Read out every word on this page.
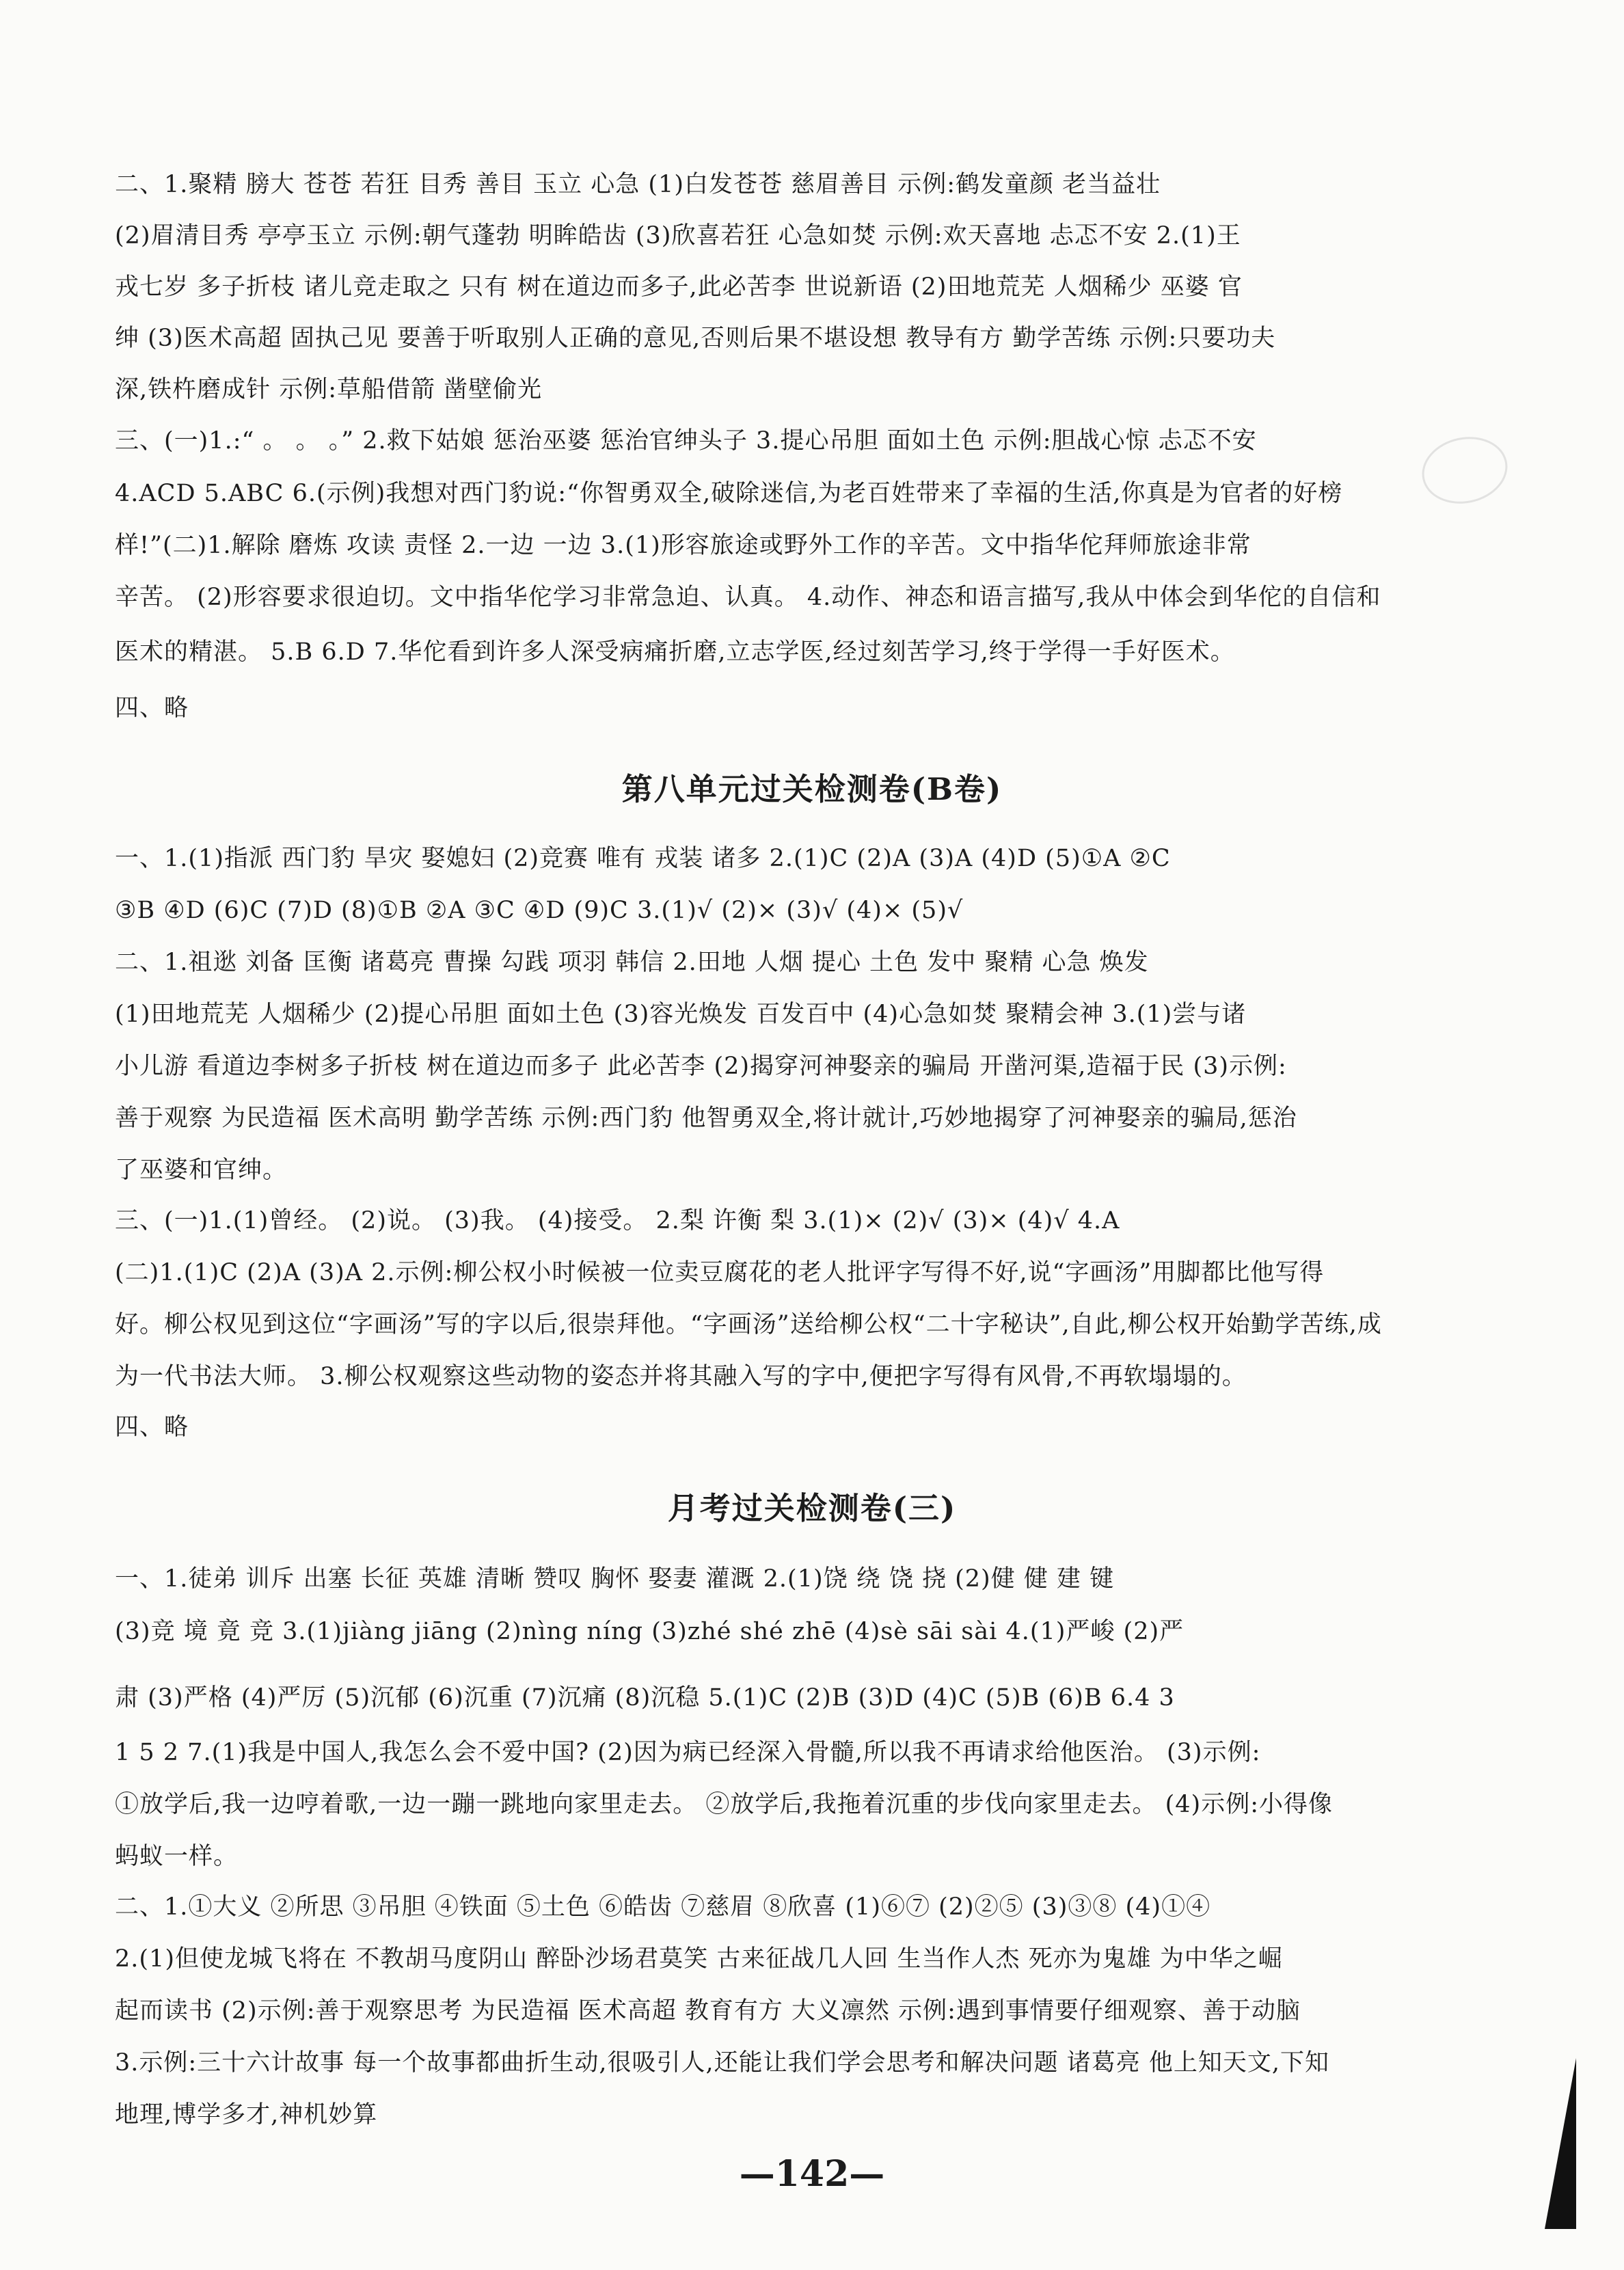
二、1.聚精 膀大 苍苍 若狂 目秀 善目 玉立 心急 (1)白发苍苍 慈眉善目 示例:鹤发童颜 老当益壮
(2)眉清目秀 亭亭玉立 示例:朝气蓬勃 明眸皓齿 (3)欣喜若狂 心急如焚 示例:欢天喜地 忐忑不安 2.(1)王
戎七岁 多子折枝 诸儿竞走取之 只有 树在道边而多子,此必苦李 世说新语 (2)田地荒芜 人烟稀少 巫婆 官
绅 (3)医术高超 固执己见 要善于听取别人正确的意见,否则后果不堪设想 教导有方 勤学苦练 示例:只要功夫
深,铁杵磨成针 示例:草船借箭 凿壁偷光
三、(一)1.:“ 。 。 。” 2.救下姑娘 惩治巫婆 惩治官绅头子 3.提心吊胆 面如土色 示例:胆战心惊 忐忑不安
4.ACD 5.ABC 6.(示例)我想对西门豹说:“你智勇双全,破除迷信,为老百姓带来了幸福的生活,你真是为官者的好榜
样!”(二)1.解除 磨炼 攻读 责怪 2.一边 一边 3.(1)形容旅途或野外工作的辛苦。文中指华佗拜师旅途非常
辛苦。 (2)形容要求很迫切。文中指华佗学习非常急迫、认真。 4.动作、神态和语言描写,我从中体会到华佗的自信和
医术的精湛。 5.B 6.D 7.华佗看到许多人深受病痛折磨,立志学医,经过刻苦学习,终于学得一手好医术。
四、略
第八单元过关检测卷(B卷)
一、1.(1)指派 西门豹 旱灾 娶媳妇 (2)竞赛 唯有 戎装 诸多 2.(1)C (2)A (3)A (4)D (5)①A ②C
③B ④D (6)C (7)D (8)①B ②A ③C ④D (9)C 3.(1)√ (2)× (3)√ (4)× (5)√
二、1.祖逖 刘备 匡衡 诸葛亮 曹操 勾践 项羽 韩信 2.田地 人烟 提心 土色 发中 聚精 心急 焕发
(1)田地荒芜 人烟稀少 (2)提心吊胆 面如土色 (3)容光焕发 百发百中 (4)心急如焚 聚精会神 3.(1)尝与诸
小儿游 看道边李树多子折枝 树在道边而多子 此必苦李 (2)揭穿河神娶亲的骗局 开凿河渠,造福于民 (3)示例:
善于观察 为民造福 医术高明 勤学苦练 示例:西门豹 他智勇双全,将计就计,巧妙地揭穿了河神娶亲的骗局,惩治
了巫婆和官绅。
三、(一)1.(1)曾经。 (2)说。 (3)我。 (4)接受。 2.梨 许衡 梨 3.(1)× (2)√ (3)× (4)√ 4.A
(二)1.(1)C (2)A (3)A 2.示例:柳公权小时候被一位卖豆腐花的老人批评字写得不好,说“字画汤”用脚都比他写得
好。柳公权见到这位“字画汤”写的字以后,很崇拜他。“字画汤”送给柳公权“二十字秘诀”,自此,柳公权开始勤学苦练,成
为一代书法大师。 3.柳公权观察这些动物的姿态并将其融入写的字中,便把字写得有风骨,不再软塌塌的。
四、略
月考过关检测卷(三)
一、1.徒弟 训斥 出塞 长征 英雄 清晰 赞叹 胸怀 娶妻 灌溉 2.(1)饶 绕 饶 挠 (2)健 健 建 键
(3)竞 境 竟 竞 3.(1)jiàng jiāng (2)nìng níng (3)zhé shé zhē (4)sè sāi sài 4.(1)严峻 (2)严
肃 (3)严格 (4)严厉 (5)沉郁 (6)沉重 (7)沉痛 (8)沉稳 5.(1)C (2)B (3)D (4)C (5)B (6)B 6.4 3
1 5 2 7.(1)我是中国人,我怎么会不爱中国? (2)因为病已经深入骨髓,所以我不再请求给他医治。 (3)示例:
①放学后,我一边哼着歌,一边一蹦一跳地向家里走去。 ②放学后,我拖着沉重的步伐向家里走去。 (4)示例:小得像
蚂蚁一样。
二、1.①大义 ②所思 ③吊胆 ④铁面 ⑤土色 ⑥皓齿 ⑦慈眉 ⑧欣喜 (1)⑥⑦ (2)②⑤ (3)③⑧ (4)①④
2.(1)但使龙城飞将在 不教胡马度阴山 醉卧沙场君莫笑 古来征战几人回 生当作人杰 死亦为鬼雄 为中华之崛
起而读书 (2)示例:善于观察思考 为民造福 医术高超 教育有方 大义凛然 示例:遇到事情要仔细观察、善于动脑
3.示例:三十六计故事 每一个故事都曲折生动,很吸引人,还能让我们学会思考和解决问题 诸葛亮 他上知天文,下知
地理,博学多才,神机妙算
—142—
